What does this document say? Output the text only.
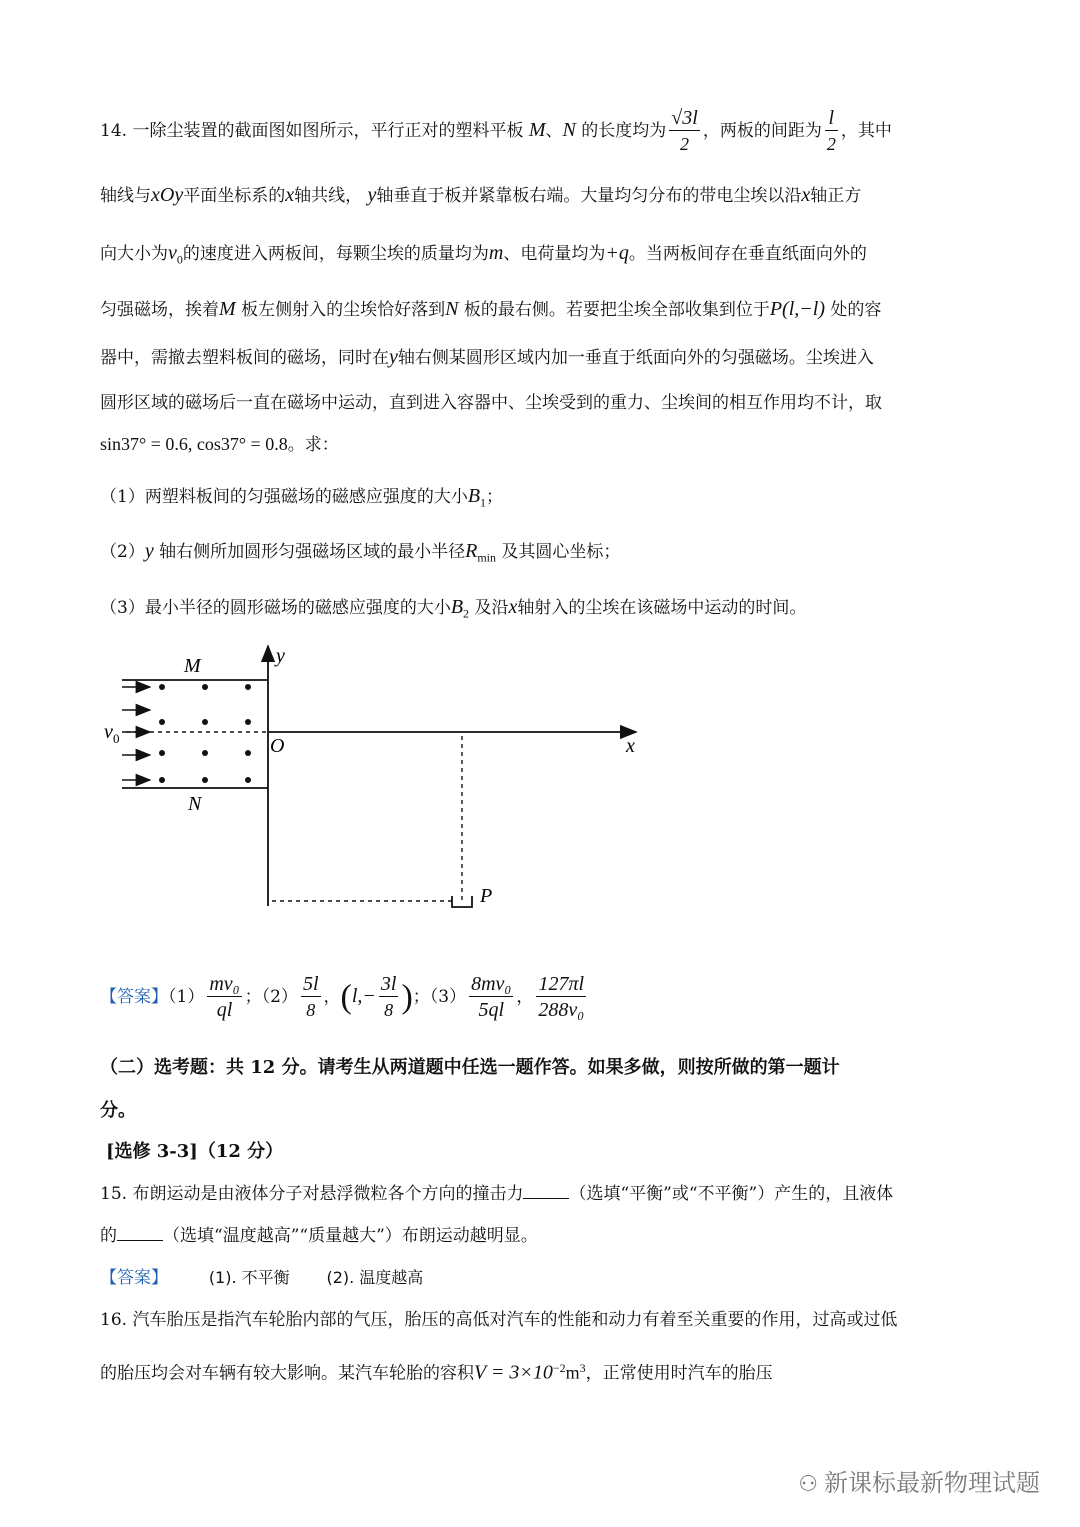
14. 一除尘装置的截面图如图所示，平行正对的塑料平板 M、N 的长度均为 $\frac{√3l}{2}$ ，两板的间距为 $\frac{l}{2}$ ，其中
轴线与xOy平面坐标系的x轴共线， y轴垂直于板并紧靠板右端。大量均匀分布的带电尘埃以沿x轴正方
向大小为$v_0$的速度进入两板间，每颗尘埃的质量均为m、电荷量均为+q。当两板间存在垂直纸面向外的
匀强磁场，挨着M 板左侧射入的尘埃恰好落到N 板的最右侧。若要把尘埃全部收集到位于P(l,−l) 处的容
器中，需撤去塑料板间的磁场，同时在y轴右侧某圆形区域内加一垂直于纸面向外的匀强磁场。尘埃进入
圆形区域的磁场后一直在磁场中运动，直到进入容器中、尘埃受到的重力、尘埃间的相互作用均不计，取
sin37° = 0.6, cos37° = 0.8。求：
（1）两塑料板间的匀强磁场的磁感应强度的大小$B_1$；
（2）y 轴右侧所加圆形匀强磁场区域的最小半径$R_{min}$ 及其圆心坐标；
（3）最小半径的圆形磁场的磁感应强度的大小$B_2$ 及沿x轴射入的尘埃在该磁场中运动的时间。
M
N
y
x
O
P
v 0
【答案】$(1) \frac{\text{mv₀}}{ql}$ ；$(2) \frac{5l}{8}$ ，($l,- \frac{3l}{8}$ )；$(3) \frac{\text{8mv₀}}{5ql}$ ， $\frac{127\pi l}{\text{288v₀}}$
（二）选考题：共 12 分。请考生从两道题中任选一题作答。如果多做，则按所做的第一题计
分。
[选修 3-3]（12 分）
15. 布朗运动是由液体分子对悬浮微粒各个方向的撞击力	（选填“平衡”或“不平衡”）产生的，且液体
的	（选填“温度越高”“质量越大”）布朗运动越明显。
【答案】	(1). 不平衡 (2). 温度越高
16. 汽车胎压是指汽车轮胎内部的气压，胎压的高低对汽车的性能和动力有着至关重要的作用，过高或过低
的胎压均会对车辆有较大影响。某汽车轮胎的容积$V = 3\times 10^{-2}m^3$，正常使用时汽车的胎压
⚇ 新课标最新物理试题
